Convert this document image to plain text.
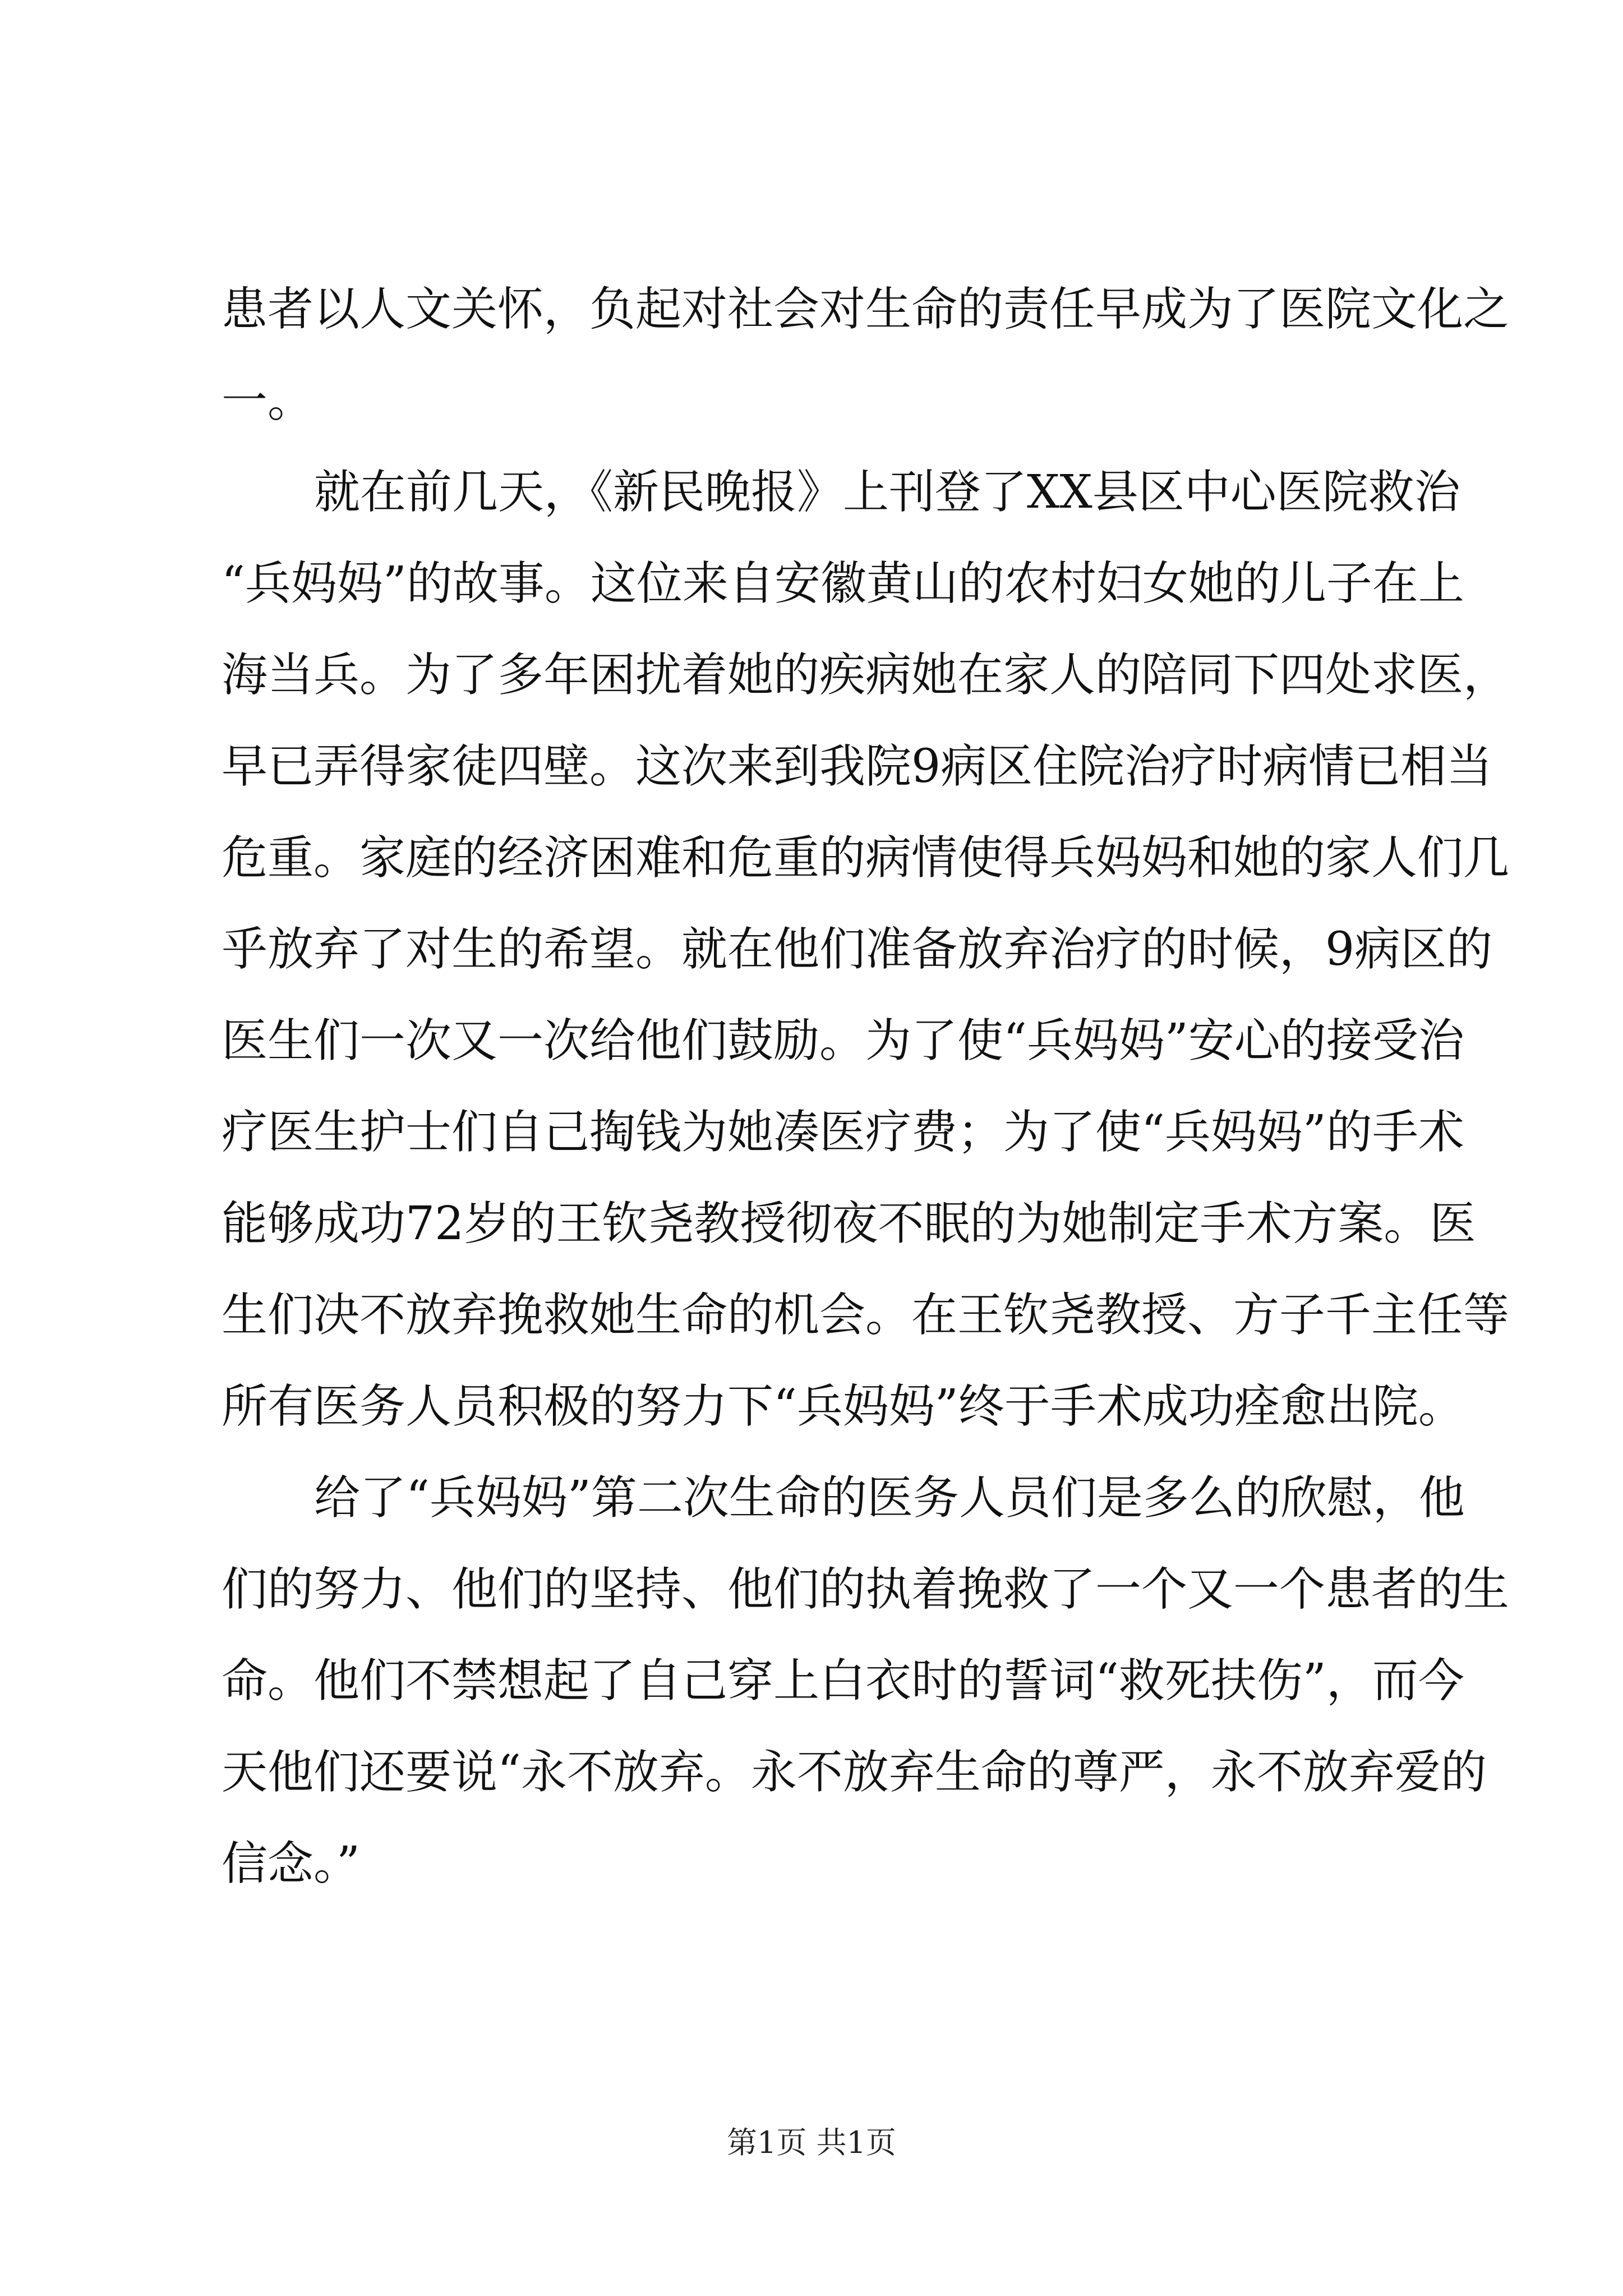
患者以人文关怀，负起对社会对生命的责任早成为了医院文化之
一。
就在前几天，《新民晚报》上刊登了XX县区中心医院救治
“兵妈妈”的故事。这位来自安徽黄山的农村妇女她的儿子在上
海当兵。为了多年困扰着她的疾病她在家人的陪同下四处求医，
早已弄得家徒四壁。这次来到我院9病区住院治疗时病情已相当
危重。家庭的经济困难和危重的病情使得兵妈妈和她的家人们几
乎放弃了对生的希望。就在他们准备放弃治疗的时候，9病区的
医生们一次又一次给他们鼓励。为了使“兵妈妈”安心的接受治
疗医生护士们自己掏钱为她凑医疗费；为了使“兵妈妈”的手术
能够成功72岁的王钦尧教授彻夜不眠的为她制定手术方案。医
生们决不放弃挽救她生命的机会。在王钦尧教授、方子千主任等
所有医务人员积极的努力下“兵妈妈”终于手术成功痊愈出院。
给了“兵妈妈”第二次生命的医务人员们是多么的欣慰，他
们的努力、他们的坚持、他们的执着挽救了一个又一个患者的生
命。他们不禁想起了自己穿上白衣时的誓词“救死扶伤”，而今
天他们还要说“永不放弃。永不放弃生命的尊严，永不放弃爱的
信念。”
第1页 共1页
